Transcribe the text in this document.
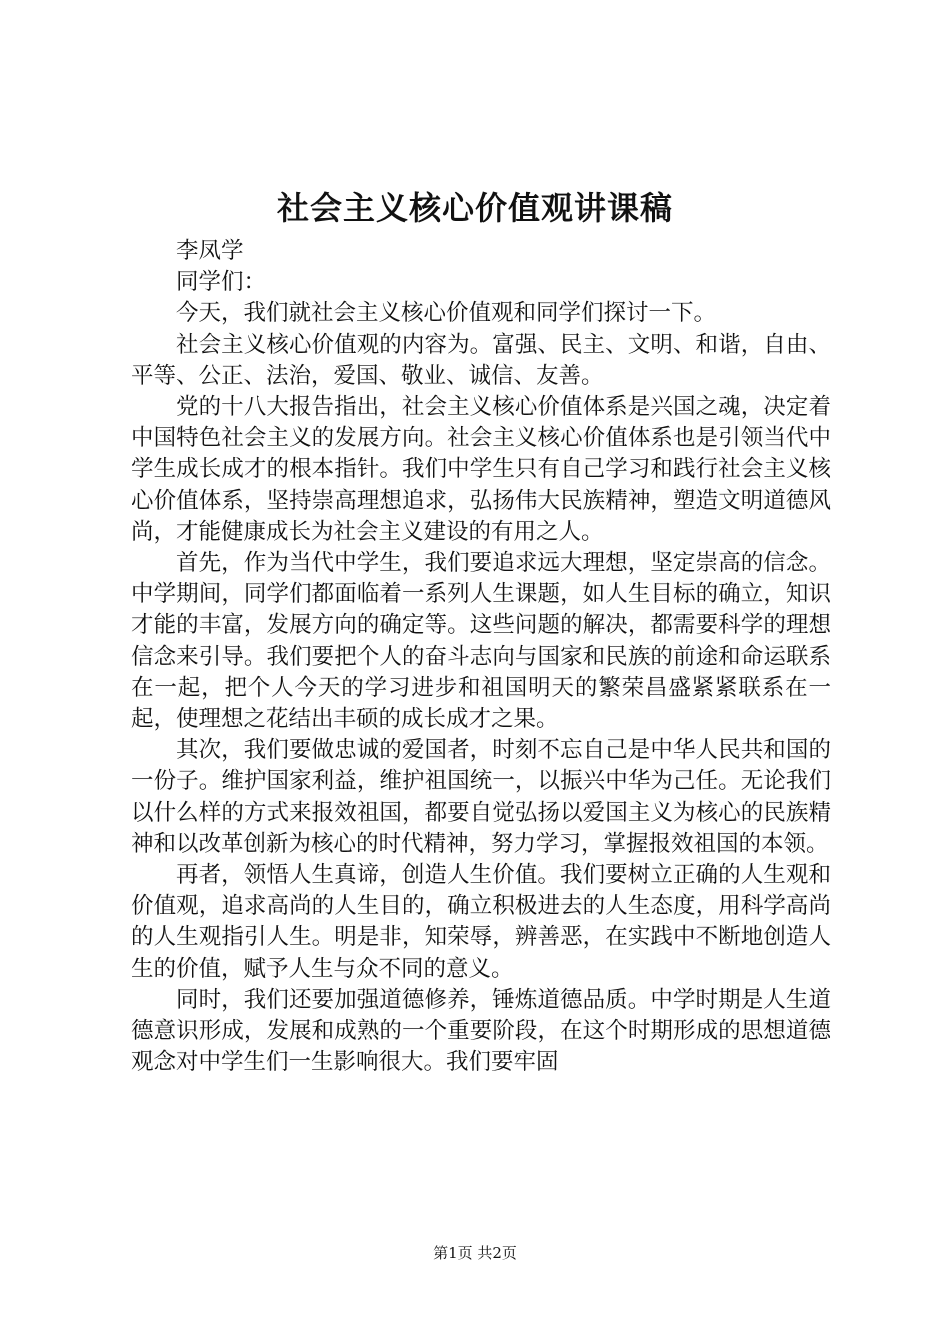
社会主义核心价值观讲课稿

李凤学

同学们：

今天，我们就社会主义核心价值观和同学们探讨一下。

社会主义核心价值观的内容为。富强、民主、文明、和谐，自由、平等、公正、法治，爱国、敬业、诚信、友善。

党的十八大报告指出，社会主义核心价值体系是兴国之魂，决定着中国特色社会主义的发展方向。社会主义核心价值体系也是引领当代中学生成长成才的根本指针。我们中学生只有自己学习和践行社会主义核心价值体系，坚持崇高理想追求，弘扬伟大民族精神，塑造文明道德风尚，才能健康成长为社会主义建设的有用之人。

首先，作为当代中学生，我们要追求远大理想，坚定崇高的信念。中学期间，同学们都面临着一系列人生课题，如人生目标的确立，知识才能的丰富，发展方向的确定等。这些问题的解决，都需要科学的理想信念来引导。我们要把个人的奋斗志向与国家和民族的前途和命运联系在一起，把个人今天的学习进步和祖国明天的繁荣昌盛紧紧联系在一起，使理想之花结出丰硕的成长成才之果。

其次，我们要做忠诚的爱国者，时刻不忘自己是中华人民共和国的一份子。维护国家利益，维护祖国统一，以振兴中华为己任。无论我们以什么样的方式来报效祖国，都要自觉弘扬以爱国主义为核心的民族精神和以改革创新为核心的时代精神，努力学习，掌握报效祖国的本领。

再者，领悟人生真谛，创造人生价值。我们要树立正确的人生观和价值观，追求高尚的人生目的，确立积极进去的人生态度，用科学高尚的人生观指引人生。明是非，知荣辱，辨善恶，在实践中不断地创造人生的价值，赋予人生与众不同的意义。

同时，我们还要加强道德修养，锤炼道德品质。中学时期是人生道德意识形成，发展和成熟的一个重要阶段，在这个时期形成的思想道德观念对中学生们一生影响很大。我们要牢固

第1页 共2页
